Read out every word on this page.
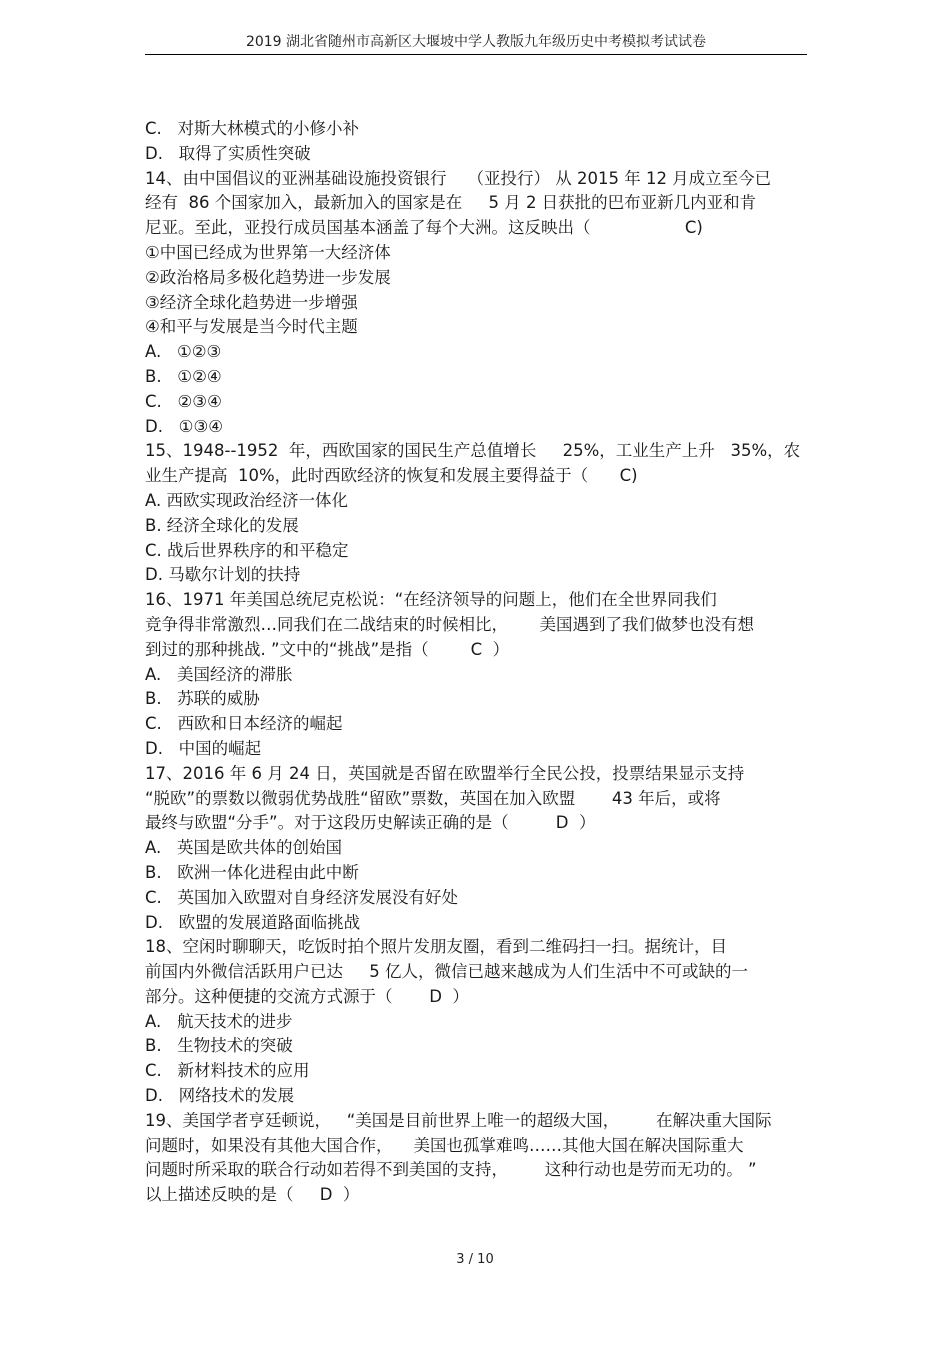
2019 湖北省随州市高新区大堰坡中学人教版九年级历史中考模拟考试试卷
C.   对斯大林模式的小修小补
D.   取得了实质性突破
14、由中国倡议的亚洲基础设施投资银行    （亚投行） 从 2015 年 12 月成立至今已
经有  86 个国家加入，最新加入的国家是在     5 月 2 日获批的巴布亚新几内亚和肯
尼亚。至此，亚投行成员国基本涵盖了每个大洲。这反映出（                  C)
①中国已经成为世界第一大经济体
②政治格局多极化趋势进一步发展
③经济全球化趋势进一步增强
④和平与发展是当今时代主题
A.   ①②③
B.   ①②④
C.   ②③④
D.   ①③④
15、1948--1952  年，西欧国家的国民生产总值增长     25%，工业生产上升   35%，农
业生产提高  10%，此时西欧经济的恢复和发展主要得益于（      C)
A. 西欧实现政治经济一体化
B. 经济全球化的发展
C. 战后世界秩序的和平稳定
D. 马歇尔计划的扶持
16、1971 年美国总统尼克松说：“在经济领导的问题上，他们在全世界同我们
竞争得非常激烈…同我们在二战结束的时候相比，      美国遇到了我们做梦也没有想
到过的那种挑战. ”文中的“挑战”是指（        C  ）
A.   美国经济的滞胀
B.   苏联的威胁
C.   西欧和日本经济的崛起
D.   中国的崛起
17、2016 年 6 月 24 日，英国就是否留在欧盟举行全民公投，投票结果显示支持
“脱欧”的票数以微弱优势战胜“留欧”票数，英国在加入欧盟       43 年后，或将
最终与欧盟“分手”。对于这段历史解读正确的是（         D  ）
A.   英国是欧共体的创始国
B.   欧洲一体化进程由此中断
C.   英国加入欧盟对自身经济发展没有好处
D.   欧盟的发展道路面临挑战
18、空闲时聊聊天，吃饭时拍个照片发朋友圈，看到二维码扫一扫。据统计，目
前国内外微信活跃用户已达     5 亿人，微信已越来越成为人们生活中不可或缺的一
部分。这种便捷的交流方式源于（       D  ）
A.   航天技术的进步
B.   生物技术的突破
C.   新材料技术的应用
D.   网络技术的发展
19、美国学者亨廷顿说，   “美国是目前世界上唯一的超级大国，       在解决重大国际
问题时，如果没有其他大国合作，    美国也孤掌难鸣……其他大国在解决国际重大
问题时所采取的联合行动如若得不到美国的支持，       这种行动也是劳而无功的。 ”
以上描述反映的是（     D  ）
3 / 10
